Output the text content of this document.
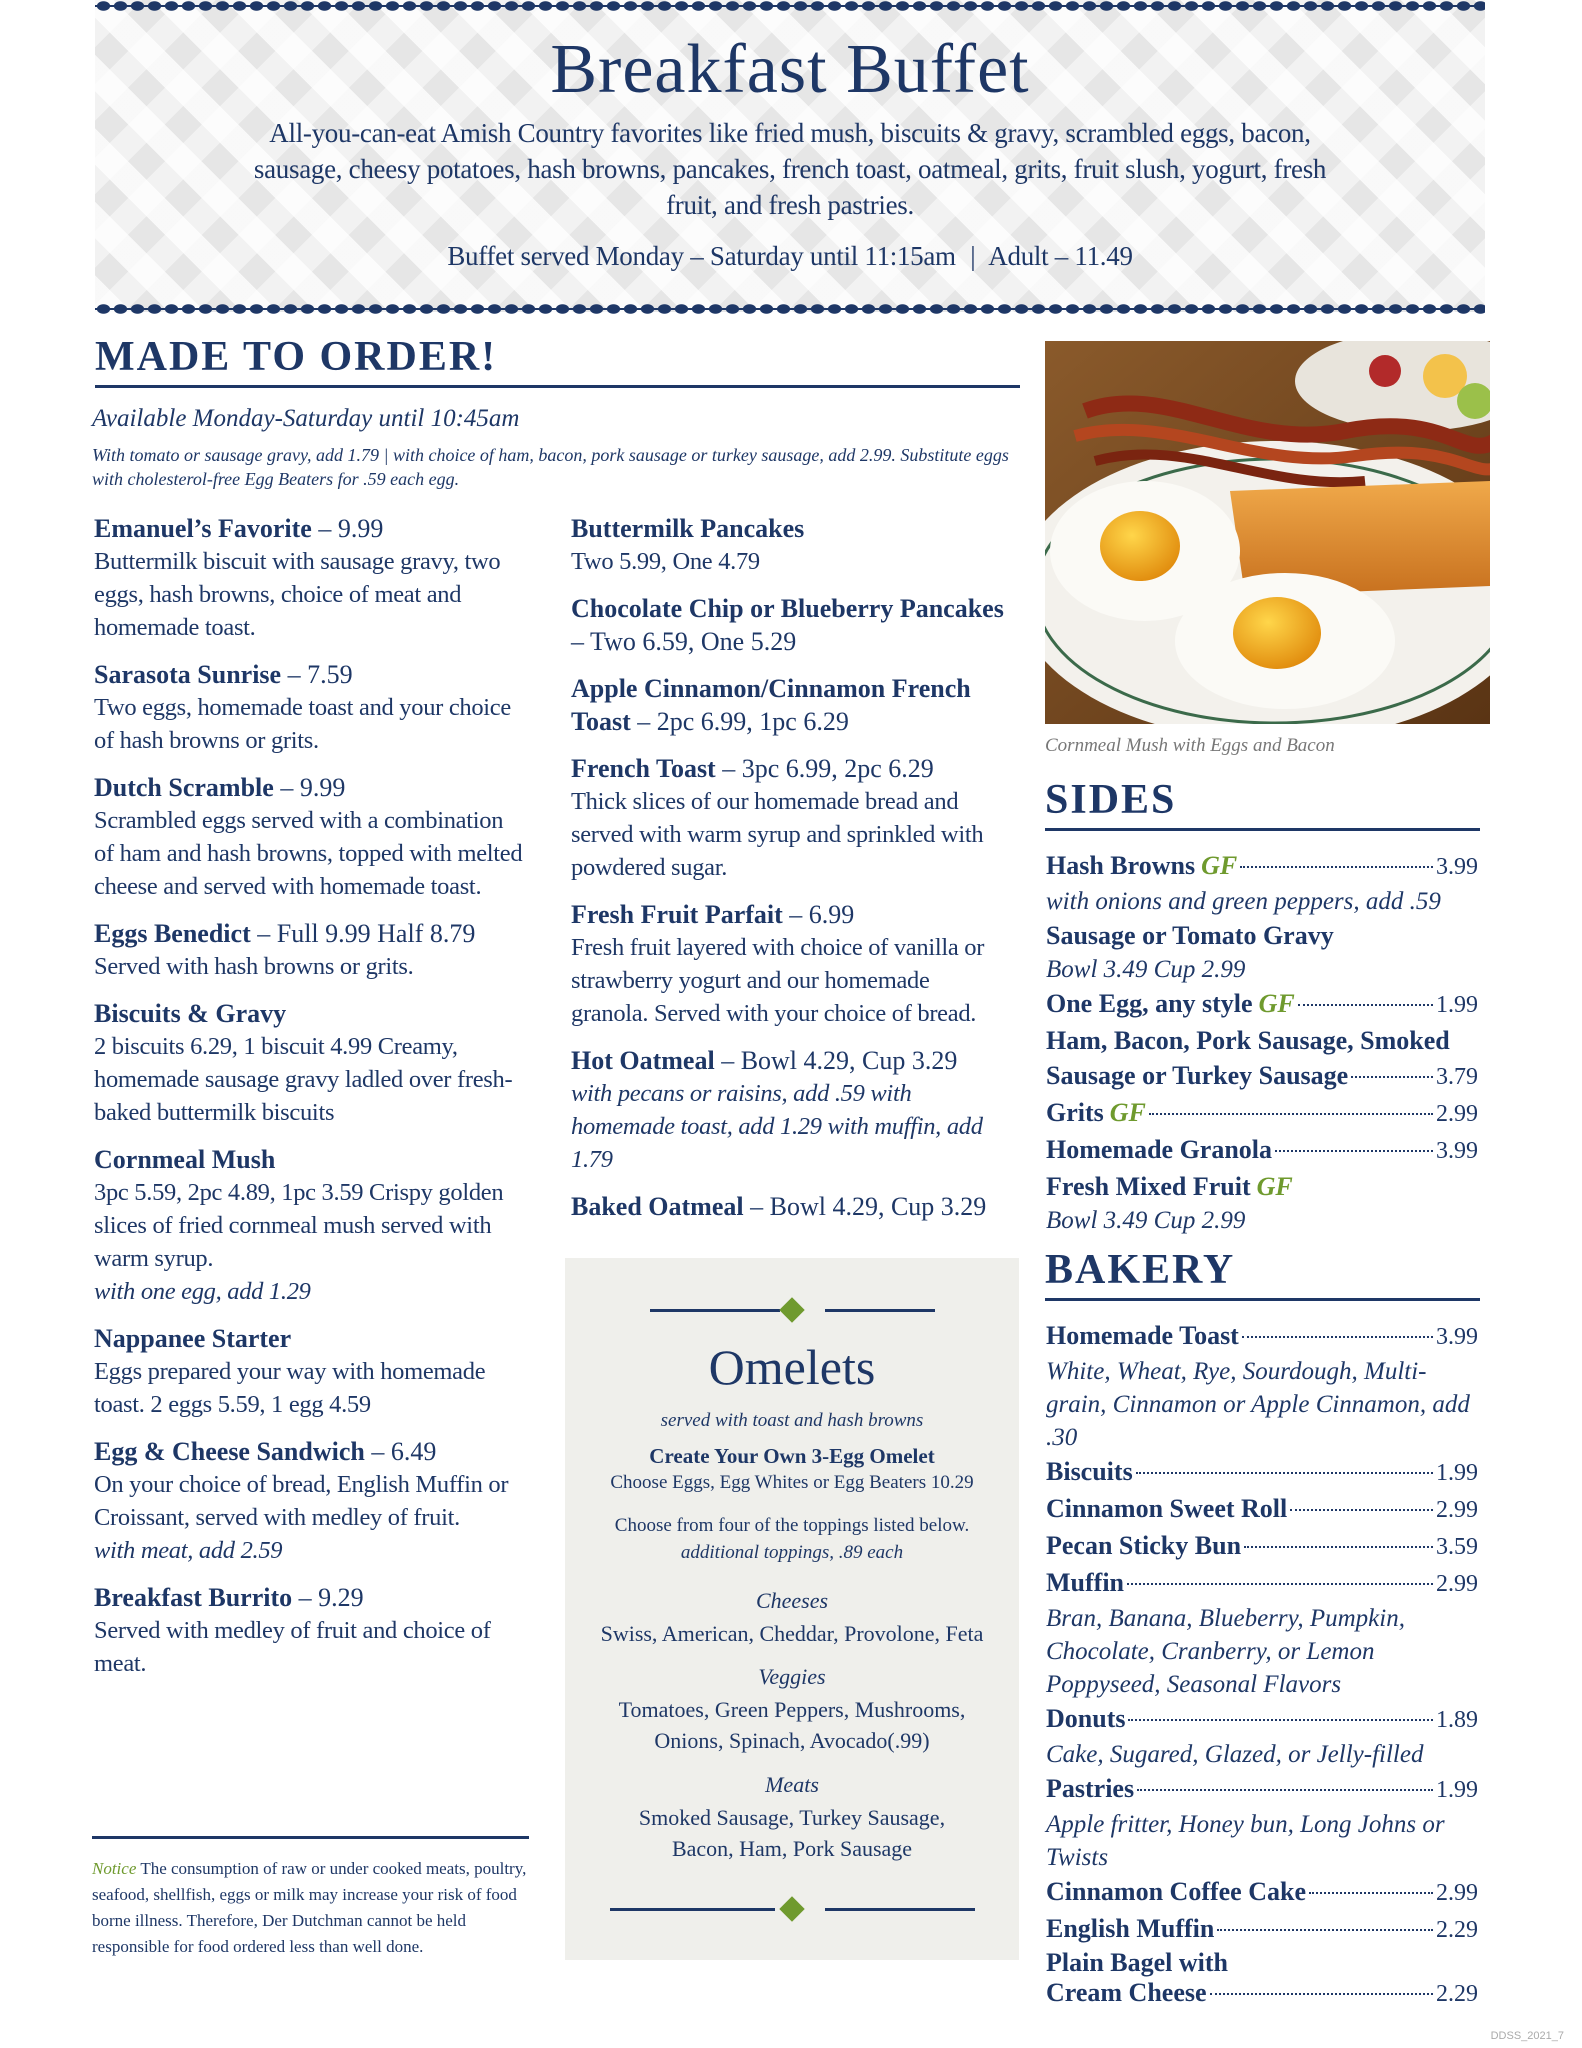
Breakfast Buffet
All-you-can-eat Amish Country favorites like fried mush, biscuits & gravy, scrambled eggs, bacon, sausage, cheesy potatoes, hash browns, pancakes, french toast, oatmeal, grits, fruit slush, yogurt, fresh fruit, and fresh pastries.
Buffet served Monday – Saturday until 11:15am | Adult – 11.49
MADE TO ORDER!
Available Monday-Saturday until 10:45am
With tomato or sausage gravy, add 1.79 | with choice of ham, bacon, pork sausage or turkey sausage, add 2.99. Substitute eggs with cholesterol-free Egg Beaters for .59 each egg.
Emanuel’s Favorite – 9.99
Buttermilk biscuit with sausage gravy, two eggs, hash browns, choice of meat and homemade toast.
Sarasota Sunrise – 7.59
Two eggs, homemade toast and your choice of hash browns or grits.
Dutch Scramble – 9.99
Scrambled eggs served with a combination of ham and hash browns, topped with melted cheese and served with homemade toast.
Eggs Benedict – Full 9.99 Half 8.79
Served with hash browns or grits.
Biscuits & Gravy
2 biscuits 6.29, 1 biscuit 4.99 Creamy, homemade sausage gravy ladled over fresh-baked buttermilk biscuits
Cornmeal Mush
3pc 5.59, 2pc 4.89, 1pc 3.59 Crispy golden slices of fried cornmeal mush served with warm syrup.
with one egg, add 1.29
Nappanee Starter
Eggs prepared your way with homemade toast. 2 eggs 5.59, 1 egg 4.59
Egg & Cheese Sandwich – 6.49
On your choice of bread, English Muffin or Croissant, served with medley of fruit.
with meat, add 2.59
Breakfast Burrito – 9.29
Served with medley of fruit and choice of meat.
Buttermilk Pancakes
Two 5.99, One 4.79
Chocolate Chip or Blueberry Pancakes – Two 6.59, One 5.29
Apple Cinnamon/Cinnamon French Toast – 2pc 6.99, 1pc 6.29
French Toast – 3pc 6.99, 2pc 6.29
Thick slices of our homemade bread and served with warm syrup and sprinkled with powdered sugar.
Fresh Fruit Parfait – 6.99
Fresh fruit layered with choice of vanilla or strawberry yogurt and our homemade granola. Served with your choice of bread.
Hot Oatmeal – Bowl 4.29, Cup 3.29
with pecans or raisins, add .59 with homemade toast, add 1.29 with muffin, add 1.79
Baked Oatmeal – Bowl 4.29, Cup 3.29
Cornmeal Mush with Eggs and Bacon
SIDES
Hash Browns GF	3.99
with onions and green peppers, add .59
Sausage or Tomato Gravy
Bowl 3.49 Cup 2.99
One Egg, any style GF	1.99
Ham, Bacon, Pork Sausage, Smoked
Sausage or Turkey Sausage	3.79
Grits GF	2.99
Homemade Granola	3.99
Fresh Mixed Fruit GF
Bowl 3.49 Cup 2.99
BAKERY
Homemade Toast	3.99
White, Wheat, Rye, Sourdough, Multi-grain, Cinnamon or Apple Cinnamon, add .30
Biscuits	1.99
Cinnamon Sweet Roll	2.99
Pecan Sticky Bun	3.59
Muffin	2.99
Bran, Banana, Blueberry, Pumpkin, Chocolate, Cranberry, or Lemon Poppyseed, Seasonal Flavors
Donuts	1.89
Cake, Sugared, Glazed, or Jelly-filled
Pastries	1.99
Apple fritter, Honey bun, Long Johns or Twists
Cinnamon Coffee Cake	2.99
English Muffin	2.29
Plain Bagel with
Cream Cheese	2.29
Omelets
served with toast and hash browns
Create Your Own 3-Egg Omelet
Choose Eggs, Egg Whites or Egg Beaters 10.29
Choose from four of the toppings listed below.
additional toppings, .89 each
Cheeses
Swiss, American, Cheddar, Provolone, Feta
Veggies
Tomatoes, Green Peppers, Mushrooms, Onions, Spinach, Avocado(.99)
Meats
Smoked Sausage, Turkey Sausage, Bacon, Ham, Pork Sausage
Notice The consumption of raw or under cooked meats, poultry, seafood, shellfish, eggs or milk may increase your risk of food borne illness. Therefore, Der Dutchman cannot be held responsible for food ordered less than well done.
DDSS_2021_7
